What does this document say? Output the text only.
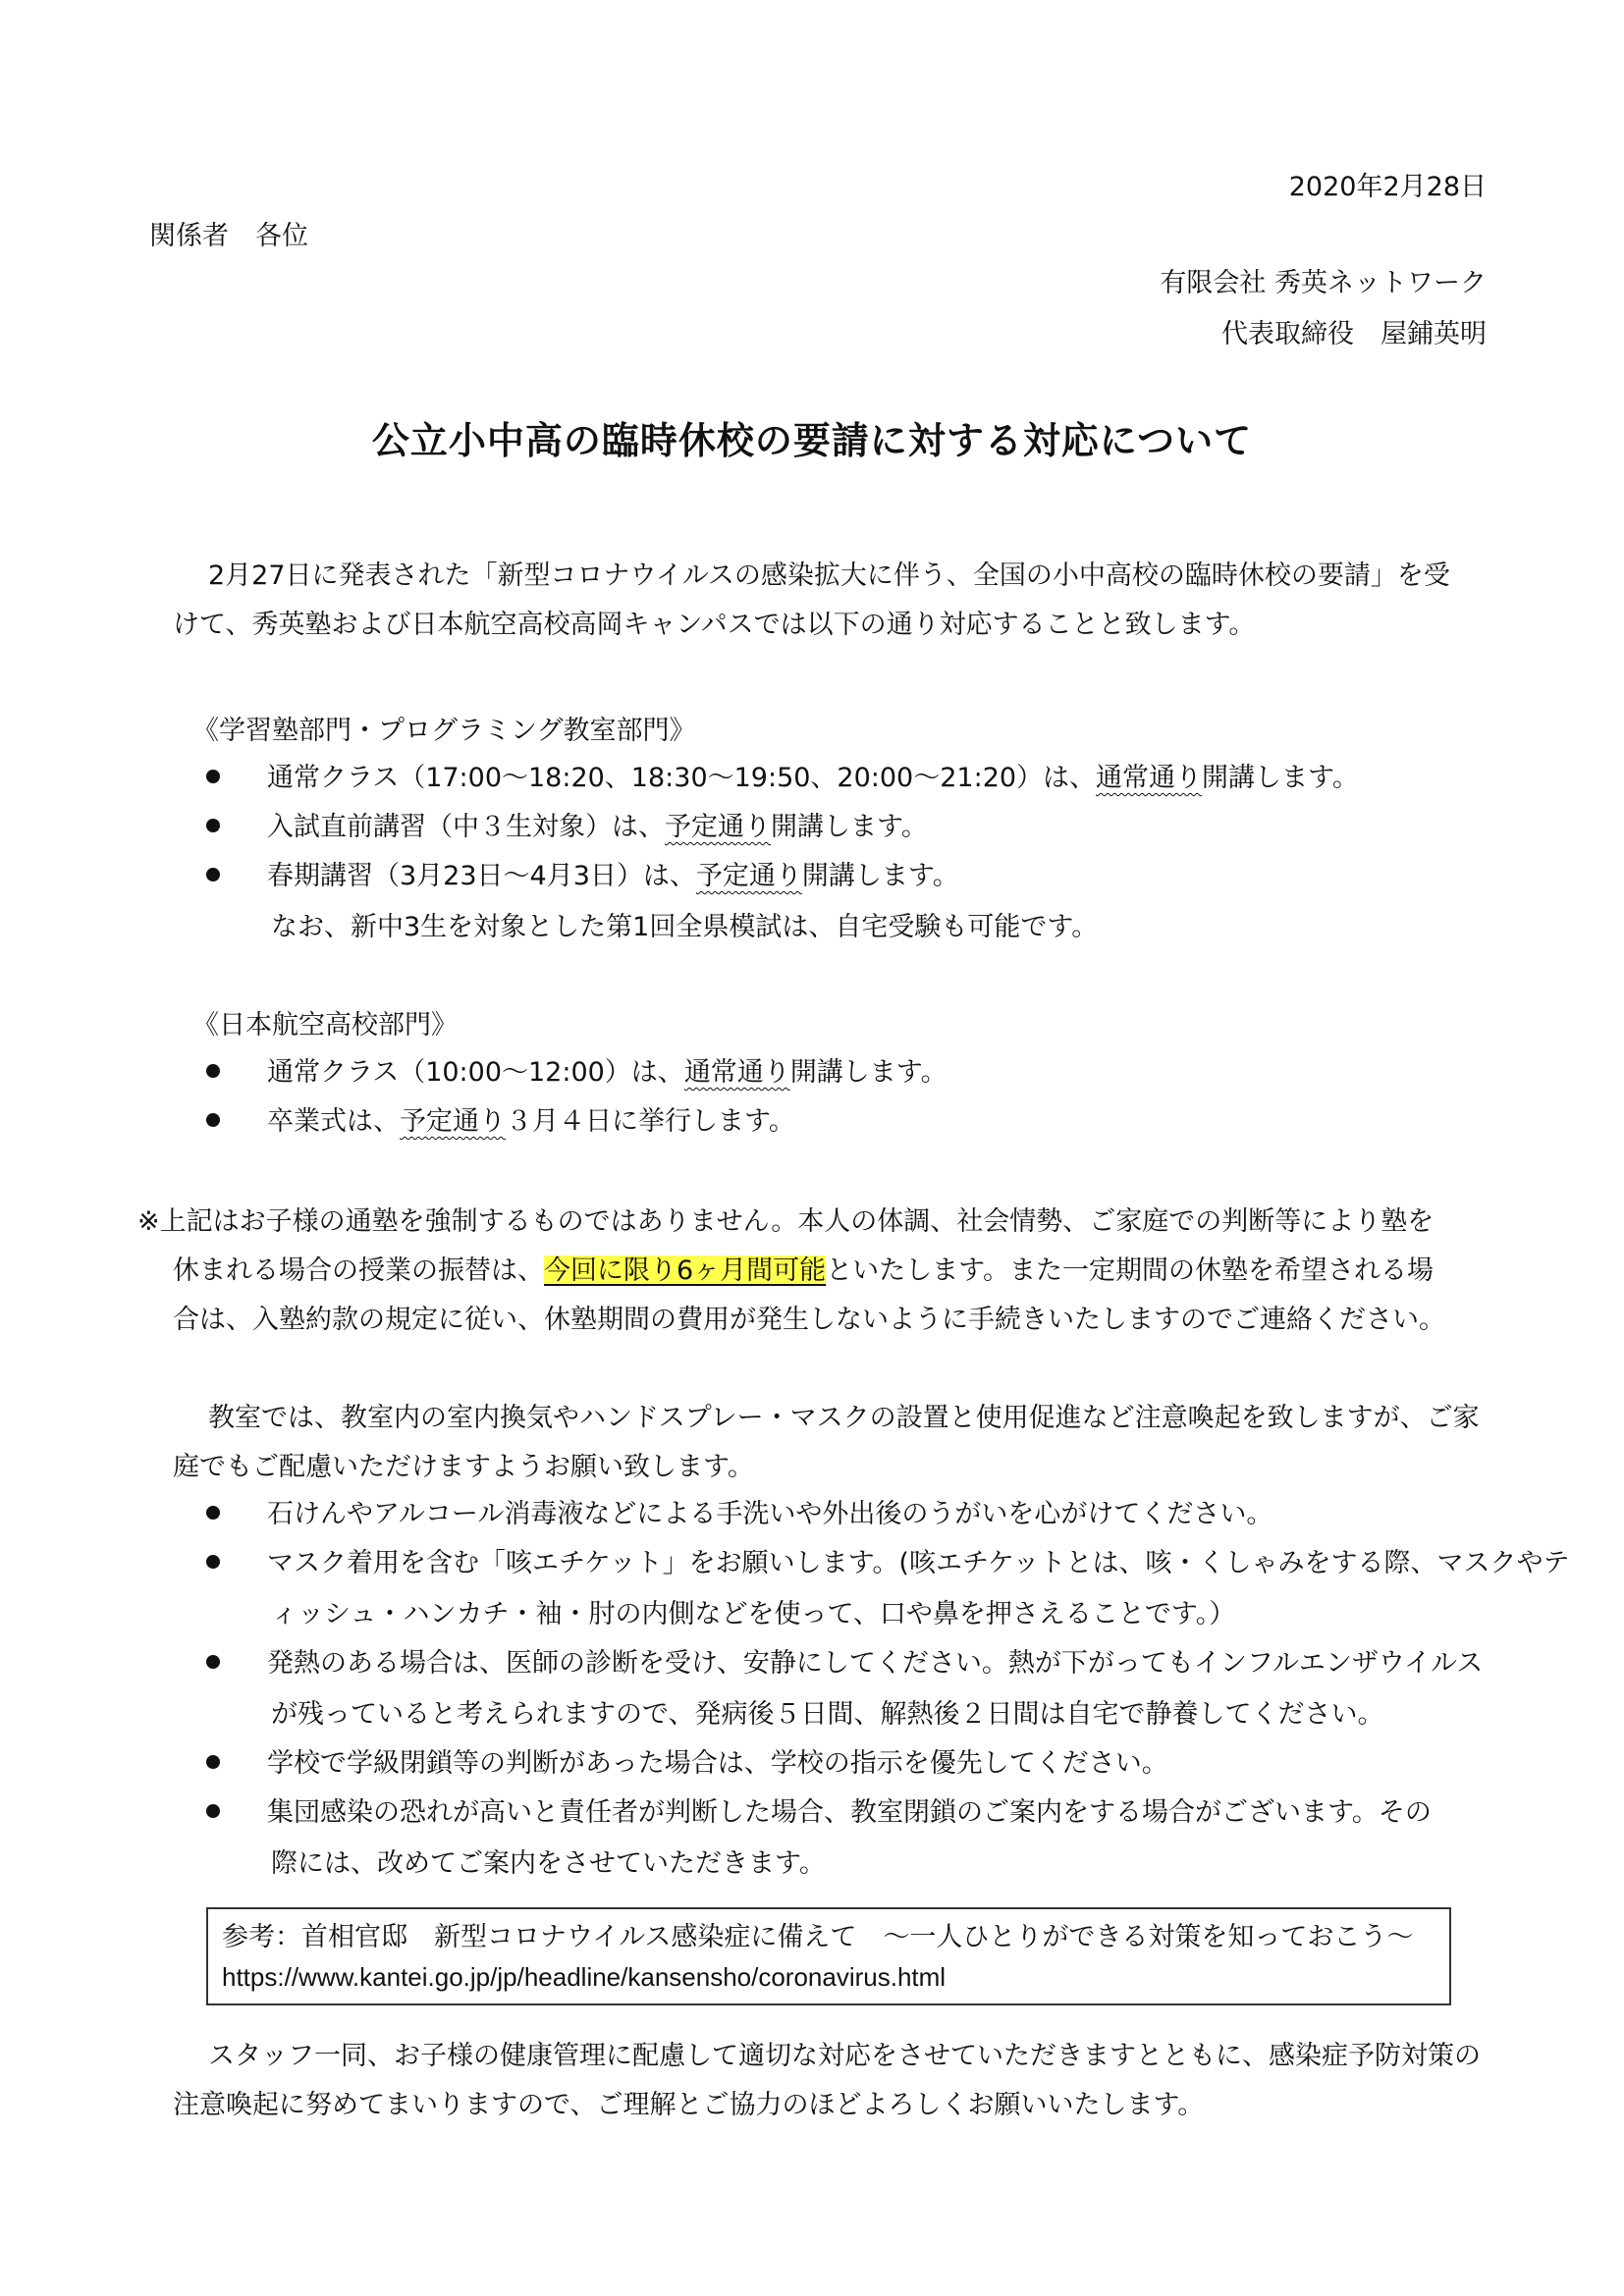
2020年2月28日
関係者　各位
有限会社 秀英ネットワーク
代表取締役　屋鋪英明
公立小中高の臨時休校の要請に対する対応について
2月27日に発表された「新型コロナウイルスの感染拡大に伴う、全国の小中高校の臨時休校の要請」を受
けて、秀英塾および日本航空高校高岡キャンパスでは以下の通り対応することと致します。
《学習塾部門・プログラミング教室部門》
通常クラス（17:00～18:20、18:30～19:50、20:00～21:20）は、通常通り開講します。
入試直前講習（中３生対象）は、予定通り開講します。
春期講習（3月23日～4月3日）は、予定通り開講します。
なお、新中3生を対象とした第1回全県模試は、自宅受験も可能です。
《日本航空高校部門》
通常クラス（10:00～12:00）は、通常通り開講します。
卒業式は、予定通り３月４日に挙行します。
※上記はお子様の通塾を強制するものではありません。本人の体調、社会情勢、ご家庭での判断等により塾を
休まれる場合の授業の振替は、今回に限り6ヶ月間可能といたします。また一定期間の休塾を希望される場
合は、入塾約款の規定に従い、休塾期間の費用が発生しないように手続きいたしますのでご連絡ください。
教室では、教室内の室内換気やハンドスプレー・マスクの設置と使用促進など注意喚起を致しますが、ご家
庭でもご配慮いただけますようお願い致します。
石けんやアルコール消毒液などによる手洗いや外出後のうがいを心がけてください。
マスク着用を含む「咳エチケット」をお願いします。(咳エチケットとは、咳・くしゃみをする際、マスクやテ
ィッシュ・ハンカチ・袖・肘の内側などを使って、口や鼻を押さえることです。）
発熱のある場合は、医師の診断を受け、安静にしてください。熱が下がってもインフルエンザウイルス
が残っていると考えられますので、発病後５日間、解熱後２日間は自宅で静養してください。
学校で学級閉鎖等の判断があった場合は、学校の指示を優先してください。
集団感染の恐れが高いと責任者が判断した場合、教室閉鎖のご案内をする場合がございます。その
際には、改めてご案内をさせていただきます。
参考：首相官邸　新型コロナウイルス感染症に備えて　～一人ひとりができる対策を知っておこう～
https://www.kantei.go.jp/jp/headline/kansensho/coronavirus.html
スタッフ一同、お子様の健康管理に配慮して適切な対応をさせていただきますとともに、感染症予防対策の
注意喚起に努めてまいりますので、ご理解とご協力のほどよろしくお願いいたします。
